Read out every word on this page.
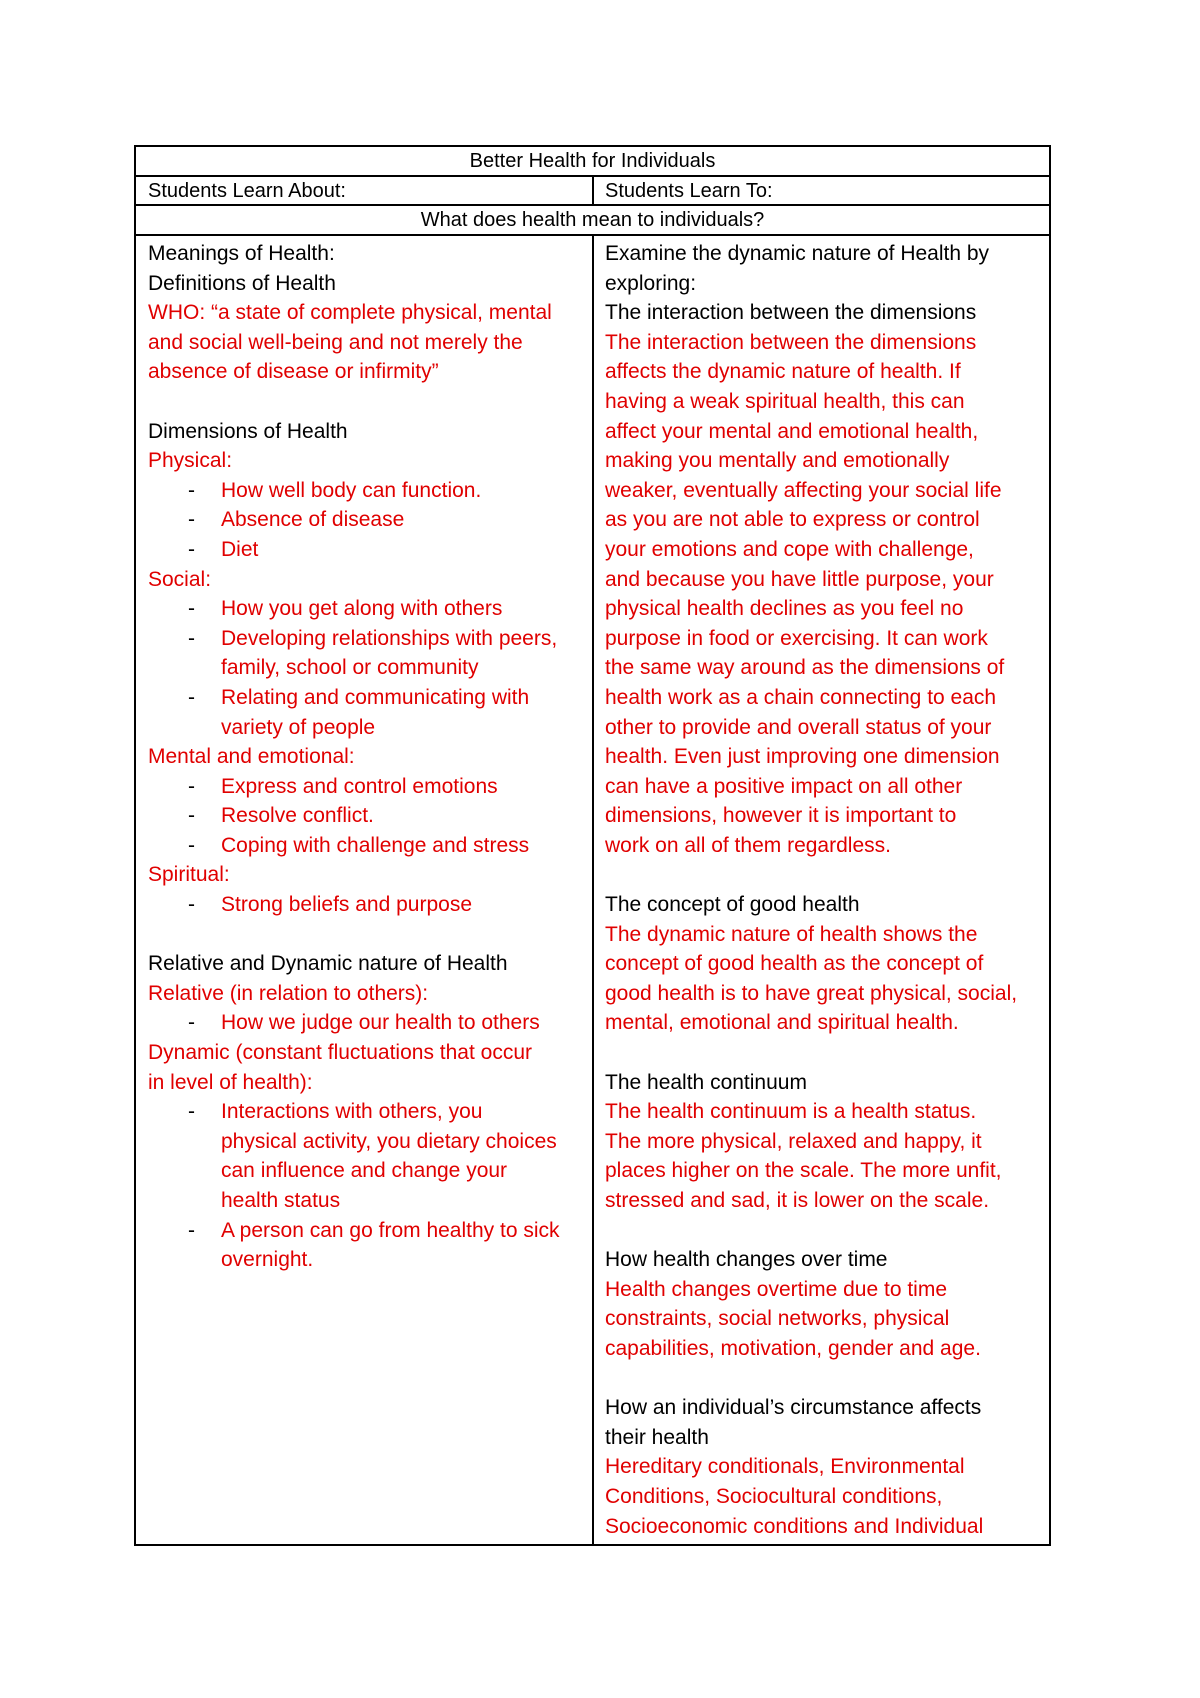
Better Health for Individuals
Students Learn About:	Students Learn To:
What does health mean to individuals?

Meanings of Health:

Definitions of Health

WHO: “a state of complete physical, mental

and social well-being and not merely the

absence of disease or infirmity”

Dimensions of Health

Physical:

- How well body can function.

- Absence of disease

- Diet

Social:

- How you get along with others

- Developing relationships with peers,

family, school or community

- Relating and communicating with

variety of people

Mental and emotional:

- Express and control emotions

- Resolve conflict.

- Coping with challenge and stress

Spiritual:

- Strong beliefs and purpose

Relative and Dynamic nature of Health

Relative (in relation to others):

- How we judge our health to others

Dynamic (constant fluctuations that occur

in level of health):

- Interactions with others, you

physical activity, you dietary choices

can influence and change your

health status

- A person can go from healthy to sick

overnight.

Examine the dynamic nature of Health by

exploring:

The interaction between the dimensions

The interaction between the dimensions

affects the dynamic nature of health. If

having a weak spiritual health, this can

affect your mental and emotional health,

making you mentally and emotionally

weaker, eventually affecting your social life

as you are not able to express or control

your emotions and cope with challenge,

and because you have little purpose, your

physical health declines as you feel no

purpose in food or exercising. It can work

the same way around as the dimensions of

health work as a chain connecting to each

other to provide and overall status of your

health. Even just improving one dimension

can have a positive impact on all other

dimensions, however it is important to

work on all of them regardless.

The concept of good health

The dynamic nature of health shows the

concept of good health as the concept of

good health is to have great physical, social,

mental, emotional and spiritual health.

The health continuum

The health continuum is a health status.

The more physical, relaxed and happy, it

places higher on the scale. The more unfit,

stressed and sad, it is lower on the scale.

How health changes over time

Health changes overtime due to time

constraints, social networks, physical

capabilities, motivation, gender and age.

How an individual’s circumstance affects

their health

Hereditary conditionals, Environmental

Conditions, Sociocultural conditions,

Socioeconomic conditions and Individual
